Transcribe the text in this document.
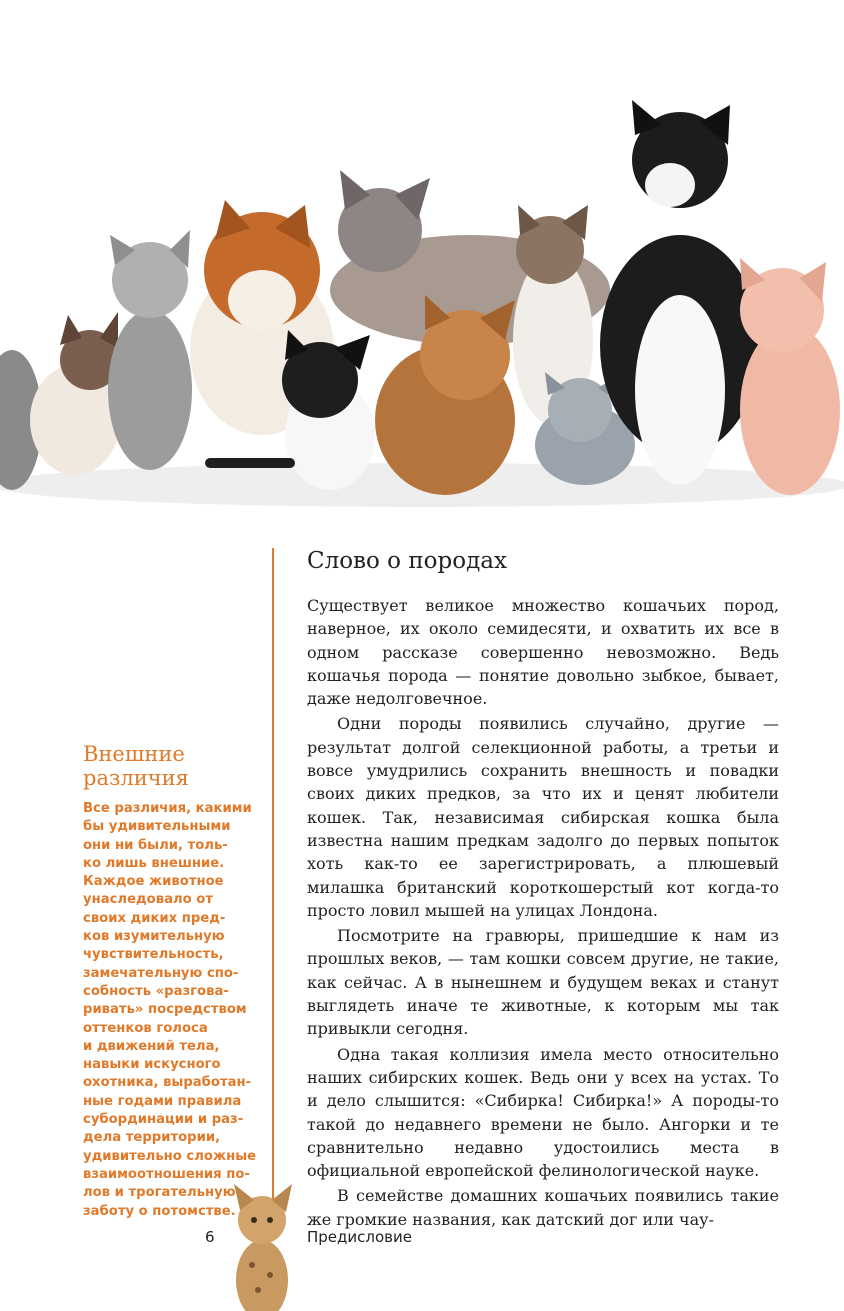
Внешние
различия
Все различия, какими
бы удивительными
они ни были, толь-
ко лишь внешние.
Каждое животное
унаследовало от
своих диких пред-
ков изумительную
чувствительность,
замечательную спо-
собность «разгова-
ривать» посредством
оттенков голоса
и движений тела,
навыки искусного
охотника, выработан-
ные годами правила
субординации и раз-
дела территории,
удивительно сложные
взаимоотношения по-
лов и трогательную
заботу о потомстве.
Слово о породах

Существует великое множество кошачьих пород, наверное, их около семидесяти, и охватить их все в одном рассказе совершенно невозможно. Ведь кошачья порода — понятие довольно зыбкое, бывает, даже недолговечное.

Одни породы появились случайно, другие — результат долгой селекционной работы, а третьи и вовсе умудрились сохранить внешность и повадки своих диких предков, за что их и ценят любители кошек. Так, независимая сибирская кошка была известна нашим предкам задолго до первых попыток хоть как-то ее зарегистрировать, а плюшевый милашка британский короткошерстый кот когда-то просто ловил мышей на улицах Лондона.

Посмотрите на гравюры, пришедшие к нам из прошлых веков, — там кошки совсем другие, не такие, как сейчас. А в нынешнем и будущем веках и станут выглядеть иначе те животные, к которым мы так привыкли сегодня.

Одна такая коллизия имела место относительно наших сибирских кошек. Ведь они у всех на устах. То и дело слышится: «Сибирка! Сибирка!» А породы-то такой до недавнего времени не было. Ангорки и те сравнительно недавно удостоились места в официальной европейской фелинологической науке.

В семействе домашних кошачьих появились такие же громкие названия, как датский дог или чау-

6	Предисловие
